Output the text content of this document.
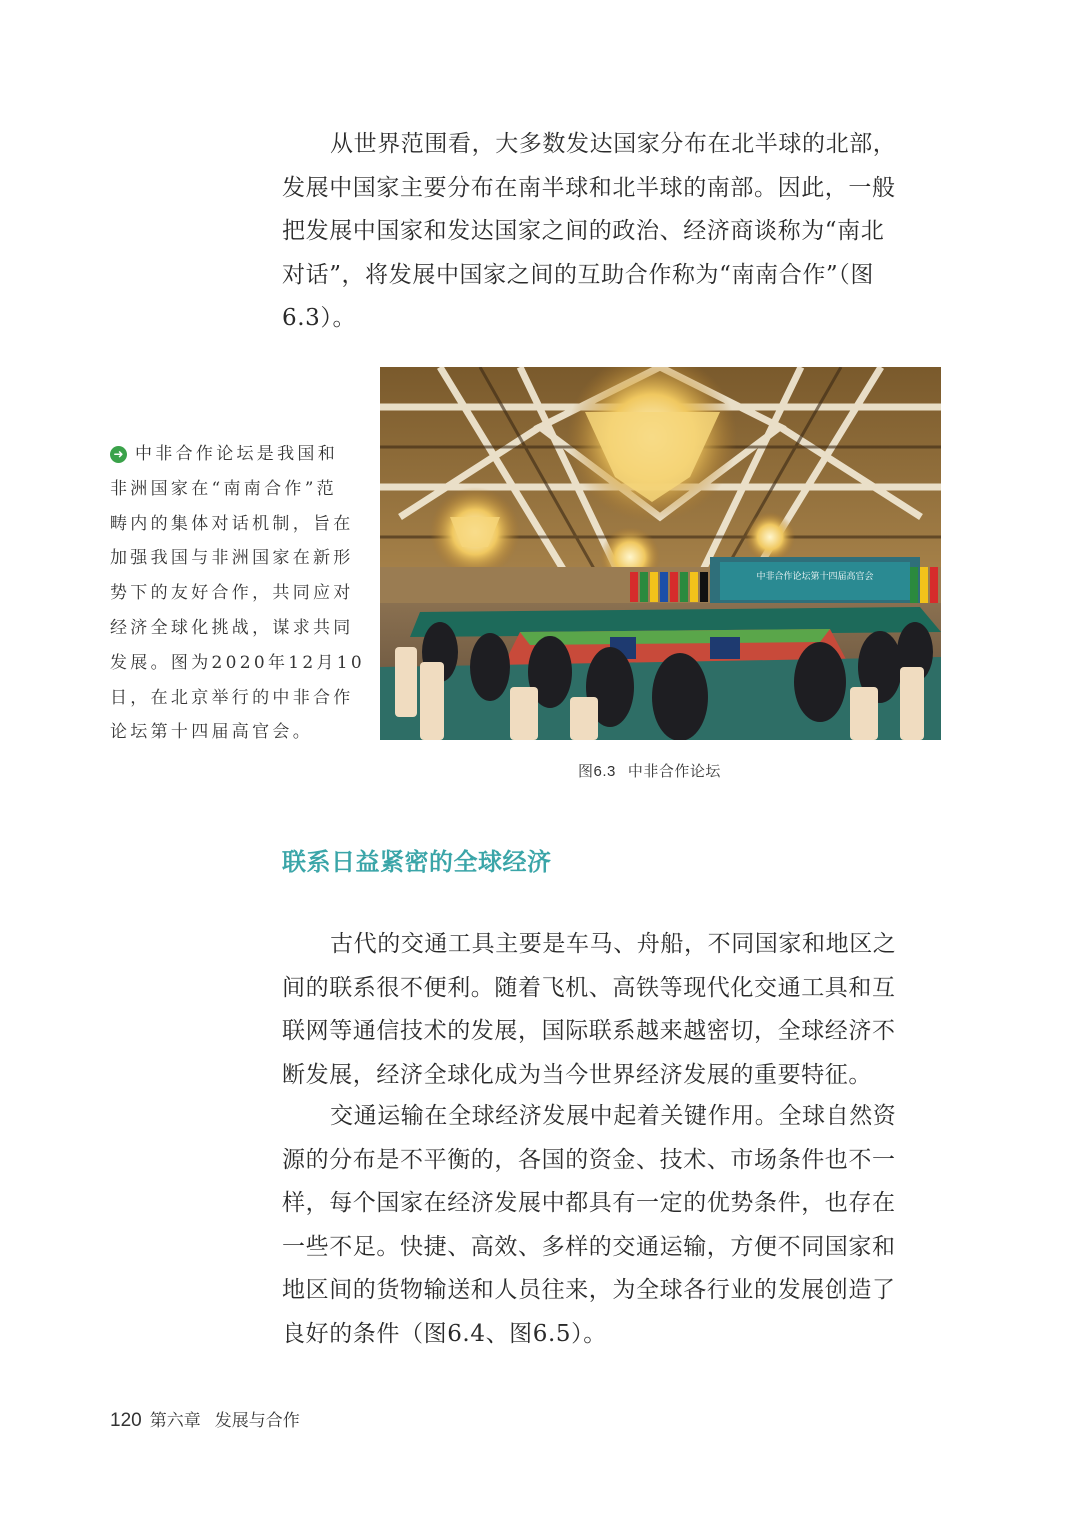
从世界范围看，大多数发达国家分布在北半球的北部，
发展中国家主要分布在南半球和北半球的南部。因此，一般
把发展中国家和发达国家之间的政治、经济商谈称为“南北
对话”，将发展中国家之间的互助合作称为“南南合作”（图
6.3）。
➜ 中非合作论坛是我国和
非洲国家在“南南合作”范
畴内的集体对话机制，旨在
加强我国与非洲国家在新形
势下的友好合作，共同应对
经济全球化挑战，谋求共同
发展。图为2020年12月10
日，在北京举行的中非合作
论坛第十四届高官会。
中非合作论坛第十四届高官会
图6.3 中非合作论坛
联系日益紧密的全球经济
古代的交通工具主要是车马、舟船，不同国家和地区之
间的联系很不便利。随着飞机、高铁等现代化交通工具和互
联网等通信技术的发展，国际联系越来越密切，全球经济不
断发展，经济全球化成为当今世界经济发展的重要特征。
交通运输在全球经济发展中起着关键作用。全球自然资
源的分布是不平衡的，各国的资金、技术、市场条件也不一
样，每个国家在经济发展中都具有一定的优势条件，也存在
一些不足。快捷、高效、多样的交通运输，方便不同国家和
地区间的货物输送和人员往来，为全球各行业的发展创造了
良好的条件（图6.4、图6.5）。
120 第六章 发展与合作
